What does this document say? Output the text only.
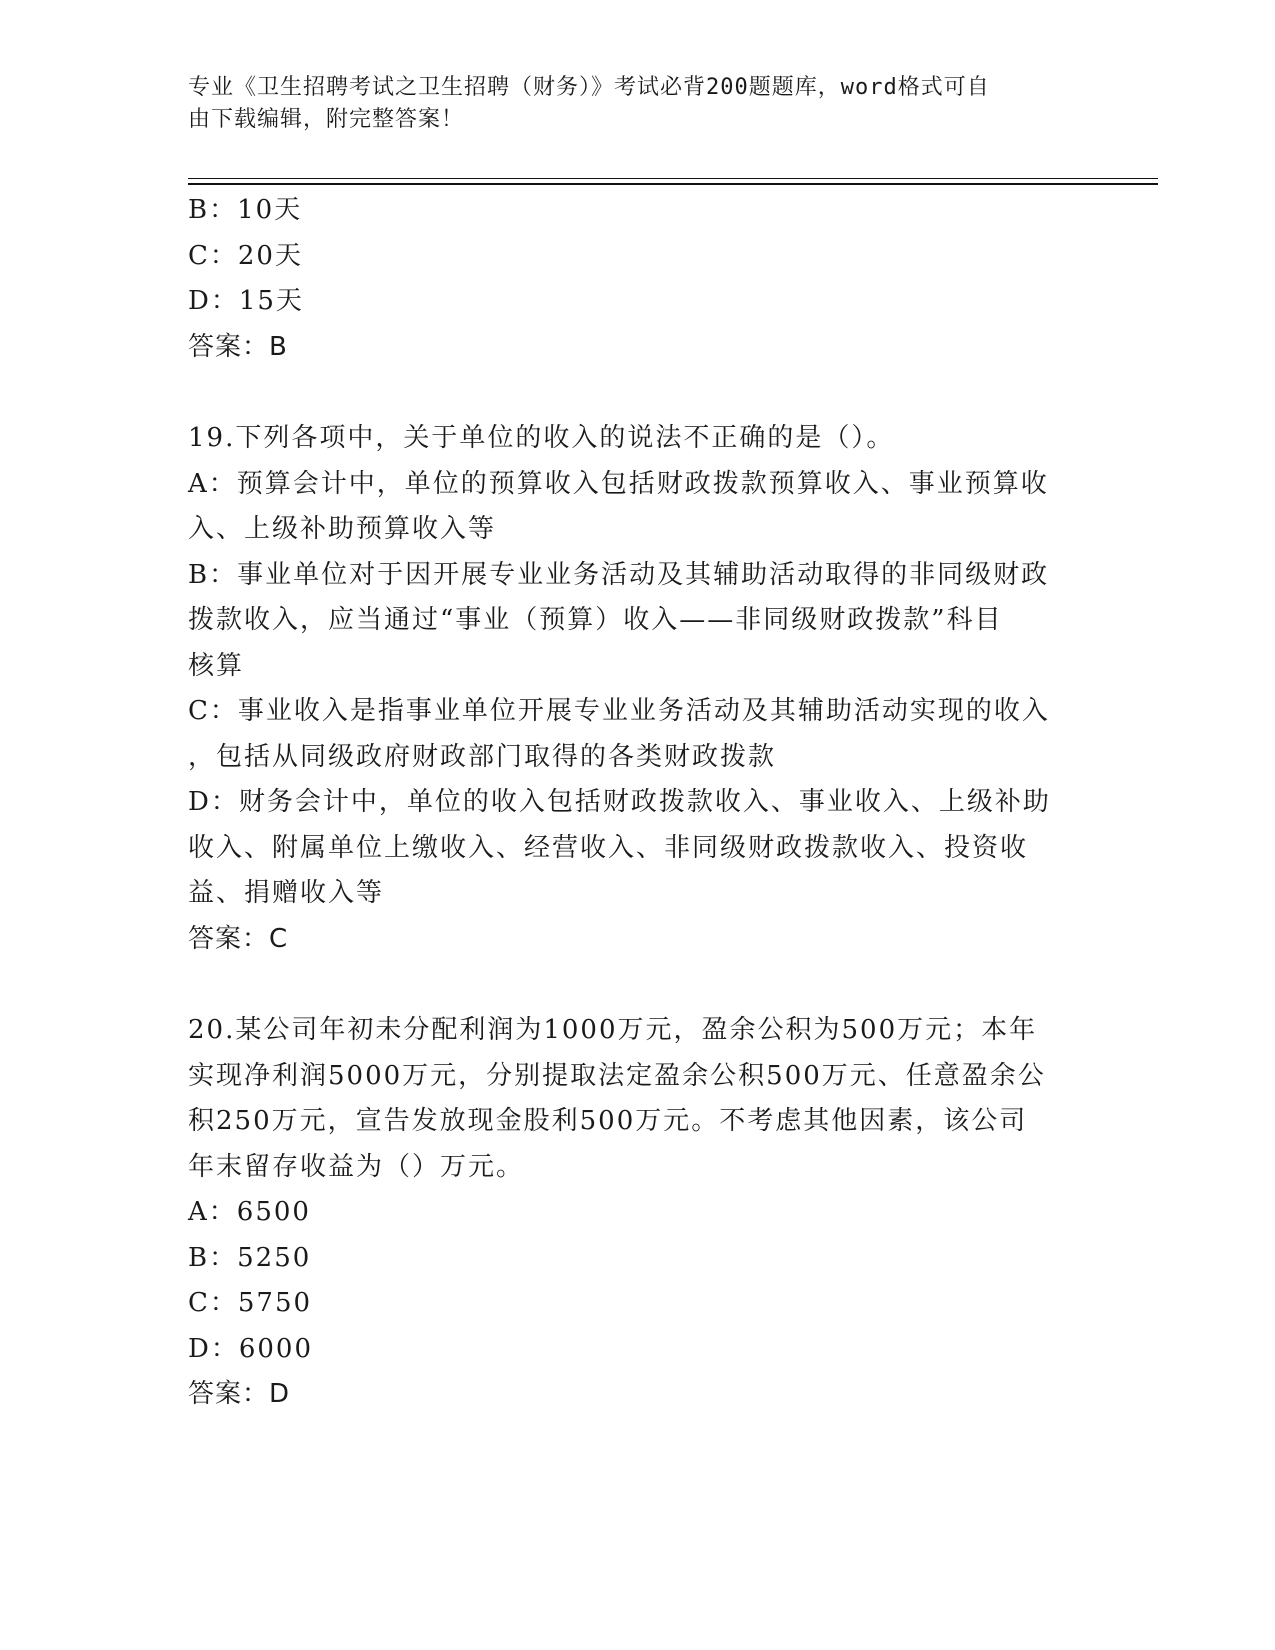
专业《卫生招聘考试之卫生招聘（财务）》考试必背200题题库，word格式可自
由下载编辑，附完整答案！
B：10天
C：20天
D：15天
答案：B
19.下列各项中，关于单位的收入的说法不正确的是（）。
A：预算会计中，单位的预算收入包括财政拨款预算收入、事业预算收
入、上级补助预算收入等
B：事业单位对于因开展专业业务活动及其辅助活动取得的非同级财政
拨款收入，应当通过“事业（预算）收入——非同级财政拨款”科目
核算
C：事业收入是指事业单位开展专业业务活动及其辅助活动实现的收入
，包括从同级政府财政部门取得的各类财政拨款
D：财务会计中，单位的收入包括财政拨款收入、事业收入、上级补助
收入、附属单位上缴收入、经营收入、非同级财政拨款收入、投资收
益、捐赠收入等
答案：C
20.某公司年初未分配利润为1000万元，盈余公积为500万元；本年
实现净利润5000万元，分别提取法定盈余公积500万元、任意盈余公
积250万元，宣告发放现金股利500万元。不考虑其他因素，该公司
年末留存收益为（）万元。
A：6500
B：5250
C：5750
D：6000
答案：D
